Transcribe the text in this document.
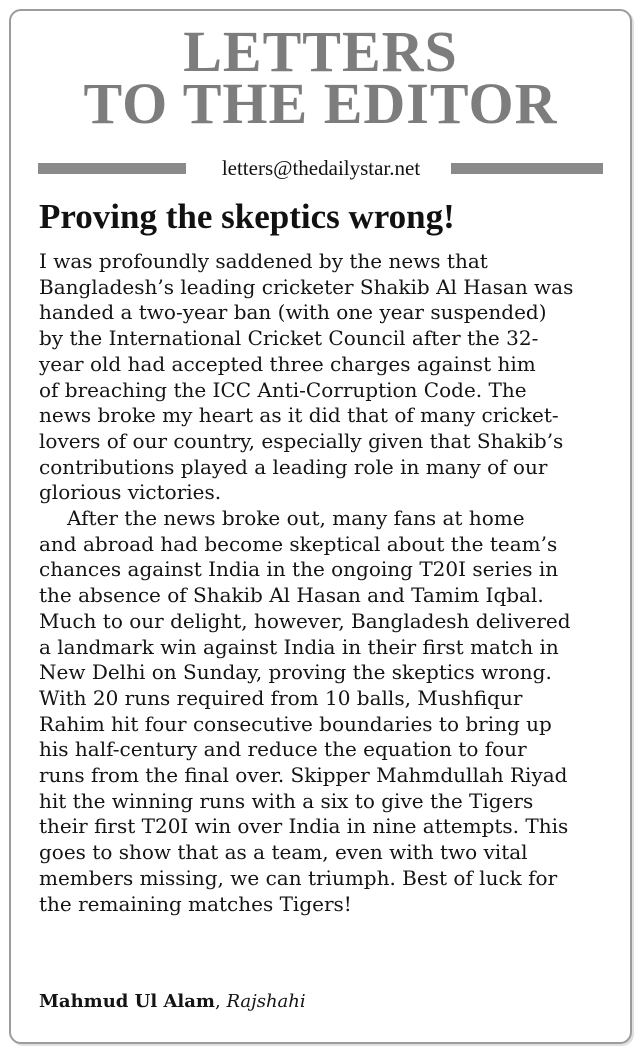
LETTERS
TO THE EDITOR
letters@thedailystar.net
Proving the skeptics wrong!

I was profoundly saddened by the news that
Bangladesh’s leading cricketer Shakib Al Hasan was
handed a two-year ban (with one year suspended)
by the International Cricket Council after the 32-
year old had accepted three charges against him
of breaching the ICC Anti-Corruption Code. The
news broke my heart as it did that of many cricket-
lovers of our country, especially given that Shakib’s
contributions played a leading role in many of our
glorious victories.

After the news broke out, many fans at home
and abroad had become skeptical about the team’s
chances against India in the ongoing T20I series in
the absence of Shakib Al Hasan and Tamim Iqbal.
Much to our delight, however, Bangladesh delivered
a landmark win against India in their first match in
New Delhi on Sunday, proving the skeptics wrong.
With 20 runs required from 10 balls, Mushfiqur
Rahim hit four consecutive boundaries to bring up
his half-century and reduce the equation to four
runs from the final over. Skipper Mahmdullah Riyad
hit the winning runs with a six to give the Tigers
their first T20I win over India in nine attempts. This
goes to show that as a team, even with two vital
members missing, we can triumph. Best of luck for
the remaining matches Tigers!

Mahmud Ul Alam, Rajshahi
